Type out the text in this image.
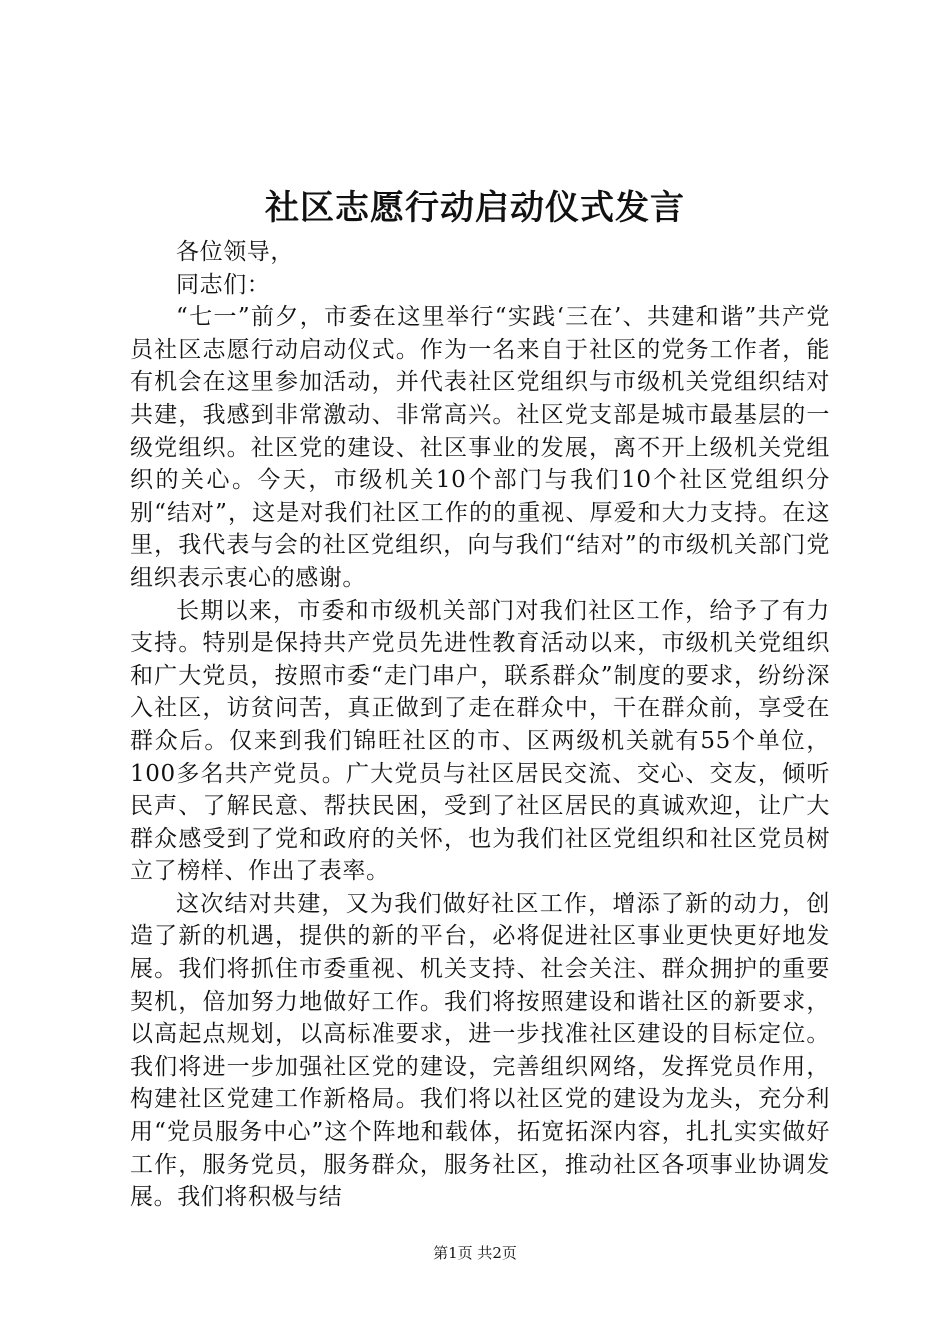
社区志愿行动启动仪式发言

各位领导，

同志们：

“七一”前夕，市委在这里举行“实践‘三在’、共建和谐”共产党员社区志愿行动启动仪式。作为一名来自于社区的党务工作者，能有机会在这里参加活动，并代表社区党组织与市级机关党组织结对共建，我感到非常激动、非常高兴。社区党支部是城市最基层的一级党组织。社区党的建设、社区事业的发展，离不开上级机关党组织的关心。今天，市级机关10个部门与我们10个社区党组织分别“结对”，这是对我们社区工作的的重视、厚爱和大力支持。在这里，我代表与会的社区党组织，向与我们“结对”的市级机关部门党组织表示衷心的感谢。

长期以来，市委和市级机关部门对我们社区工作，给予了有力支持。特别是保持共产党员先进性教育活动以来，市级机关党组织和广大党员，按照市委“走门串户，联系群众”制度的要求，纷纷深入社区，访贫问苦，真正做到了走在群众中，干在群众前，享受在群众后。仅来到我们锦旺社区的市、区两级机关就有55个单位，100多名共产党员。广大党员与社区居民交流、交心、交友，倾听民声、了解民意、帮扶民困，受到了社区居民的真诚欢迎，让广大群众感受到了党和政府的关怀，也为我们社区党组织和社区党员树立了榜样、作出了表率。

这次结对共建，又为我们做好社区工作，增添了新的动力，创造了新的机遇，提供的新的平台，必将促进社区事业更快更好地发展。我们将抓住市委重视、机关支持、社会关注、群众拥护的重要契机，倍加努力地做好工作。我们将按照建设和谐社区的新要求，以高起点规划，以高标准要求，进一步找准社区建设的目标定位。我们将进一步加强社区党的建设，完善组织网络，发挥党员作用，构建社区党建工作新格局。我们将以社区党的建设为龙头，充分利用“党员服务中心”这个阵地和载体，拓宽拓深内容，扎扎实实做好工作，服务党员，服务群众，服务社区，推动社区各项事业协调发展。我们将积极与结

第1页 共2页
